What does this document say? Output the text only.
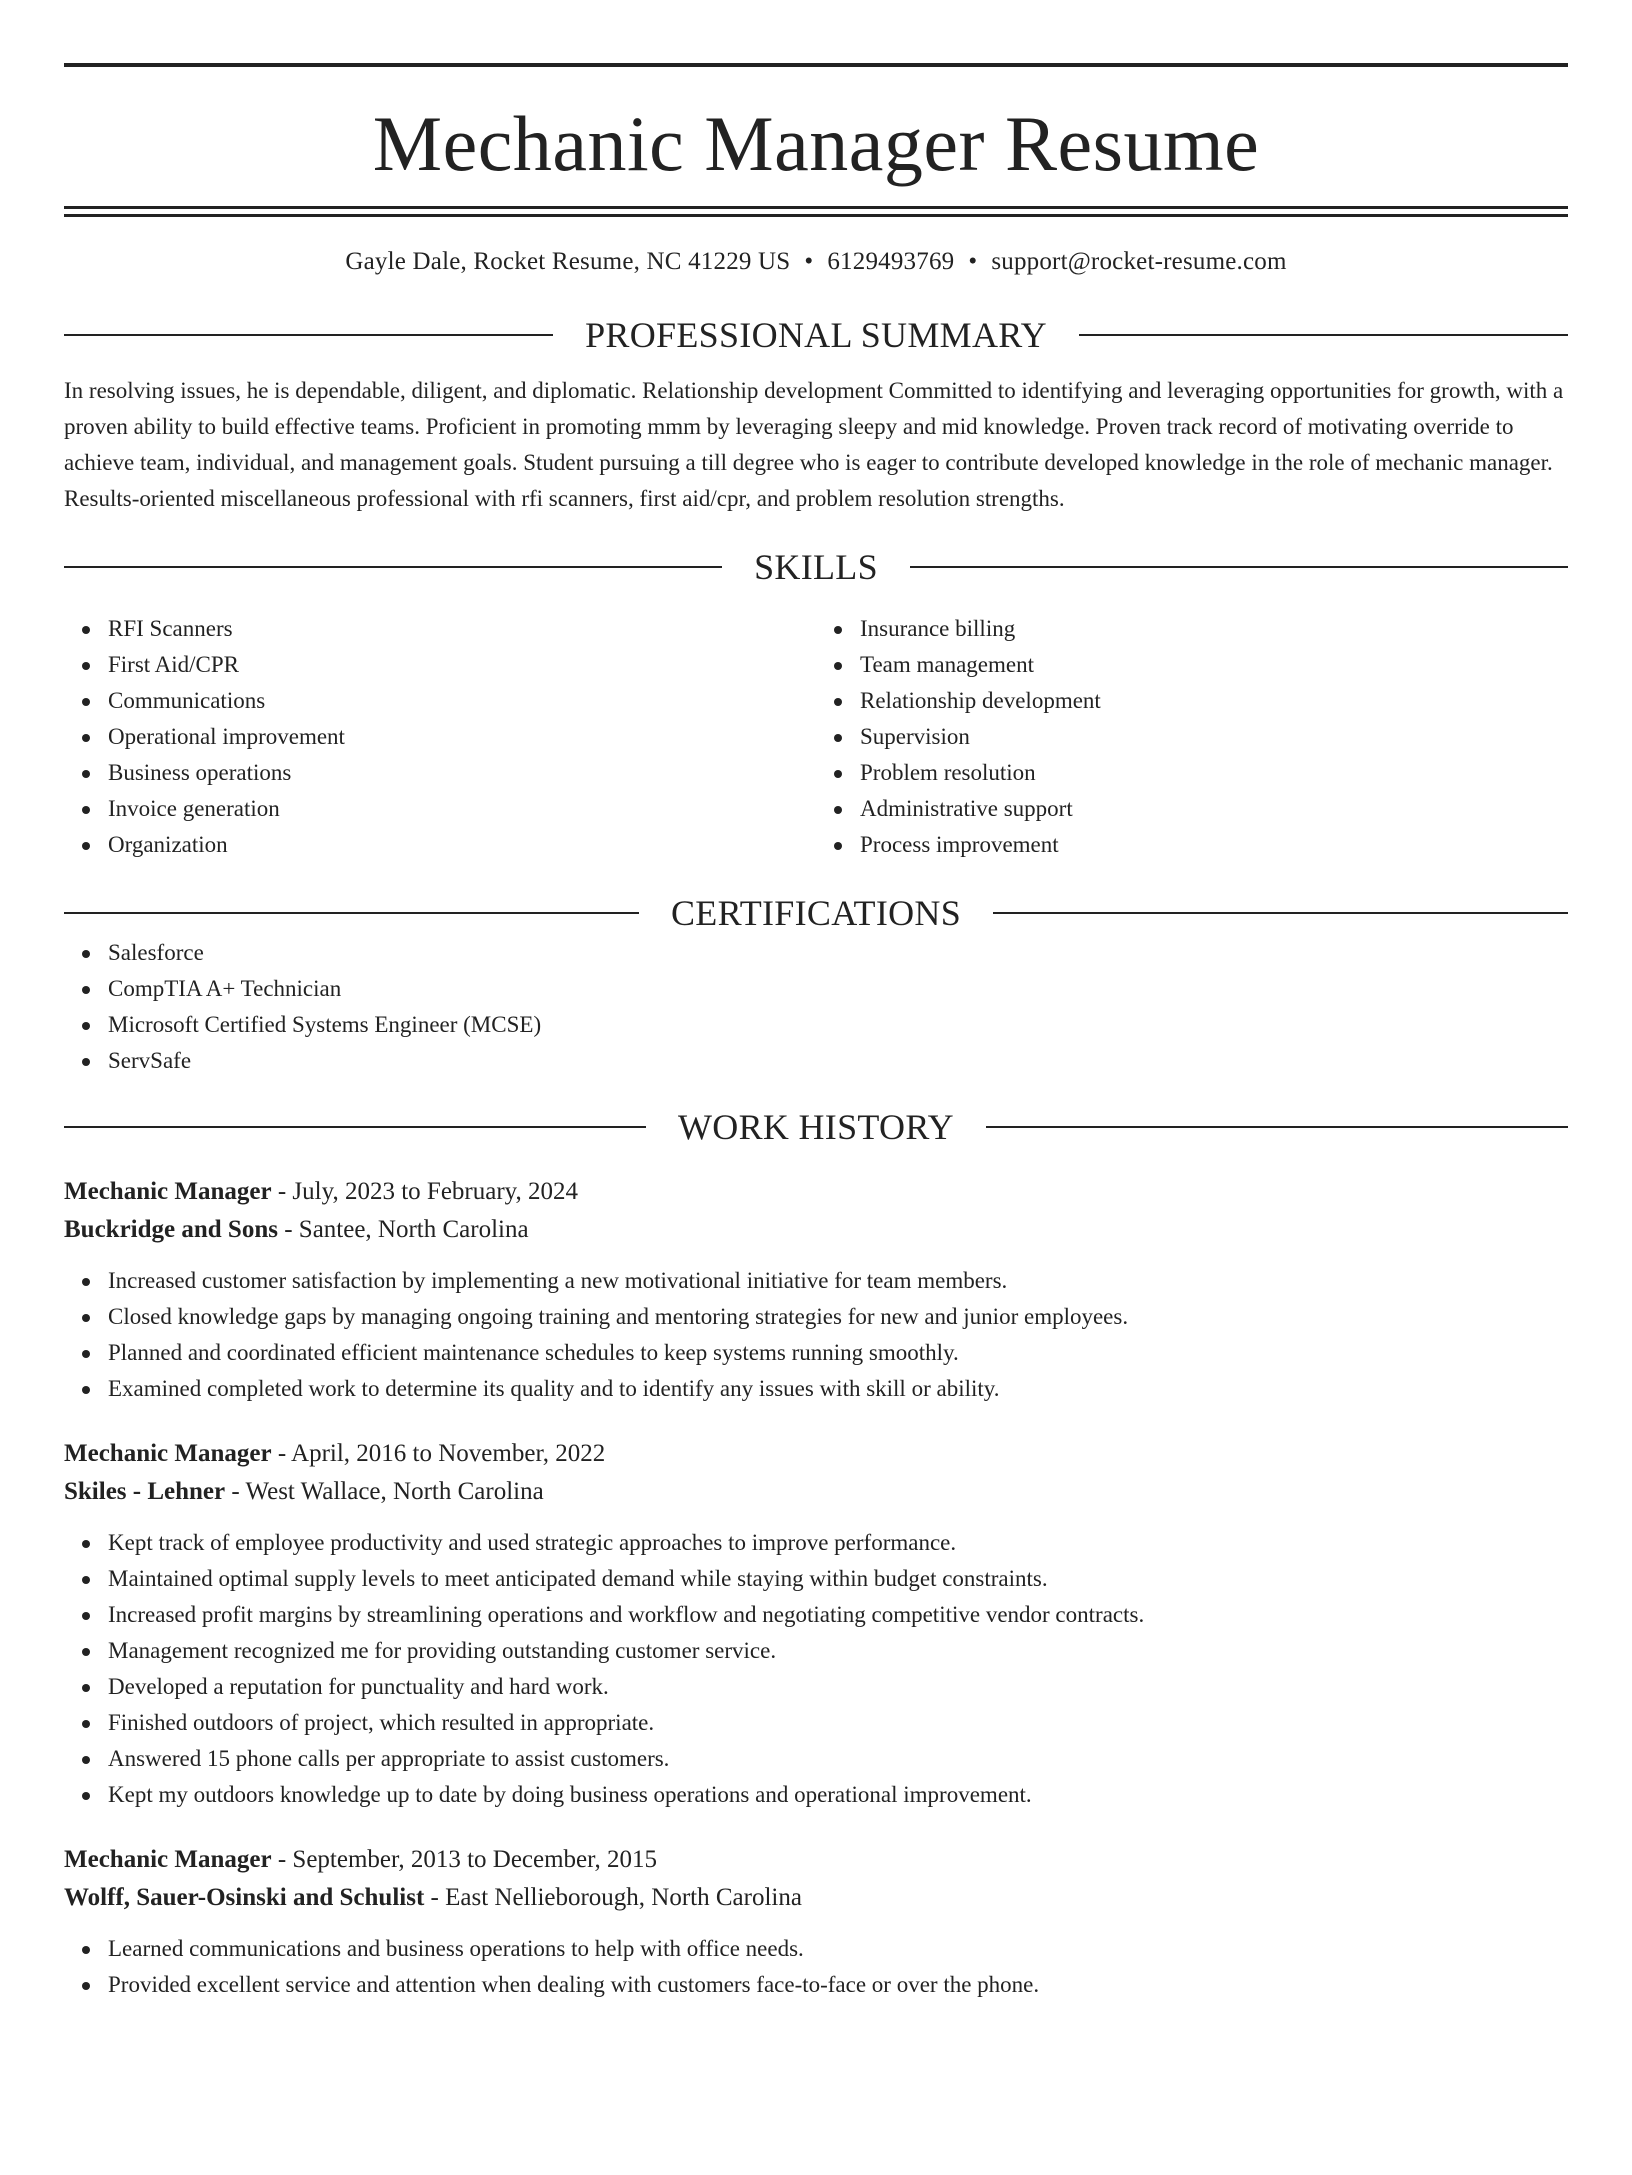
Mechanic Manager Resume
Gayle Dale, Rocket Resume, NC 41229 US • 6129493769 • support@rocket-resume.com
PROFESSIONAL SUMMARY

In resolving issues, he is dependable, diligent, and diplomatic. Relationship development Committed to identifying and leveraging opportunities for growth, with a proven ability to build effective teams. Proficient in promoting mmm by leveraging sleepy and mid knowledge. Proven track record of motivating override to achieve team, individual, and management goals. Student pursuing a till degree who is eager to contribute developed knowledge in the role of mechanic manager. Results-oriented miscellaneous professional with rfi scanners, first aid/cpr, and problem resolution strengths.

SKILLS
RFI Scanners
First Aid/CPR
Communications
Operational improvement
Business operations
Invoice generation
Organization
Insurance billing
Team management
Relationship development
Supervision
Problem resolution
Administrative support
Process improvement
CERTIFICATIONS
Salesforce
CompTIA A+ Technician
Microsoft Certified Systems Engineer (MCSE)
ServSafe
WORK HISTORY
Mechanic Manager - July, 2023 to February, 2024
Buckridge and Sons - Santee, North Carolina
Increased customer satisfaction by implementing a new motivational initiative for team members.
Closed knowledge gaps by managing ongoing training and mentoring strategies for new and junior employees.
Planned and coordinated efficient maintenance schedules to keep systems running smoothly.
Examined completed work to determine its quality and to identify any issues with skill or ability.
Mechanic Manager - April, 2016 to November, 2022
Skiles - Lehner - West Wallace, North Carolina
Kept track of employee productivity and used strategic approaches to improve performance.
Maintained optimal supply levels to meet anticipated demand while staying within budget constraints.
Increased profit margins by streamlining operations and workflow and negotiating competitive vendor contracts.
Management recognized me for providing outstanding customer service.
Developed a reputation for punctuality and hard work.
Finished outdoors of project, which resulted in appropriate.
Answered 15 phone calls per appropriate to assist customers.
Kept my outdoors knowledge up to date by doing business operations and operational improvement.
Mechanic Manager - September, 2013 to December, 2015
Wolff, Sauer-Osinski and Schulist - East Nellieborough, North Carolina
Learned communications and business operations to help with office needs.
Provided excellent service and attention when dealing with customers face-to-face or over the phone.
